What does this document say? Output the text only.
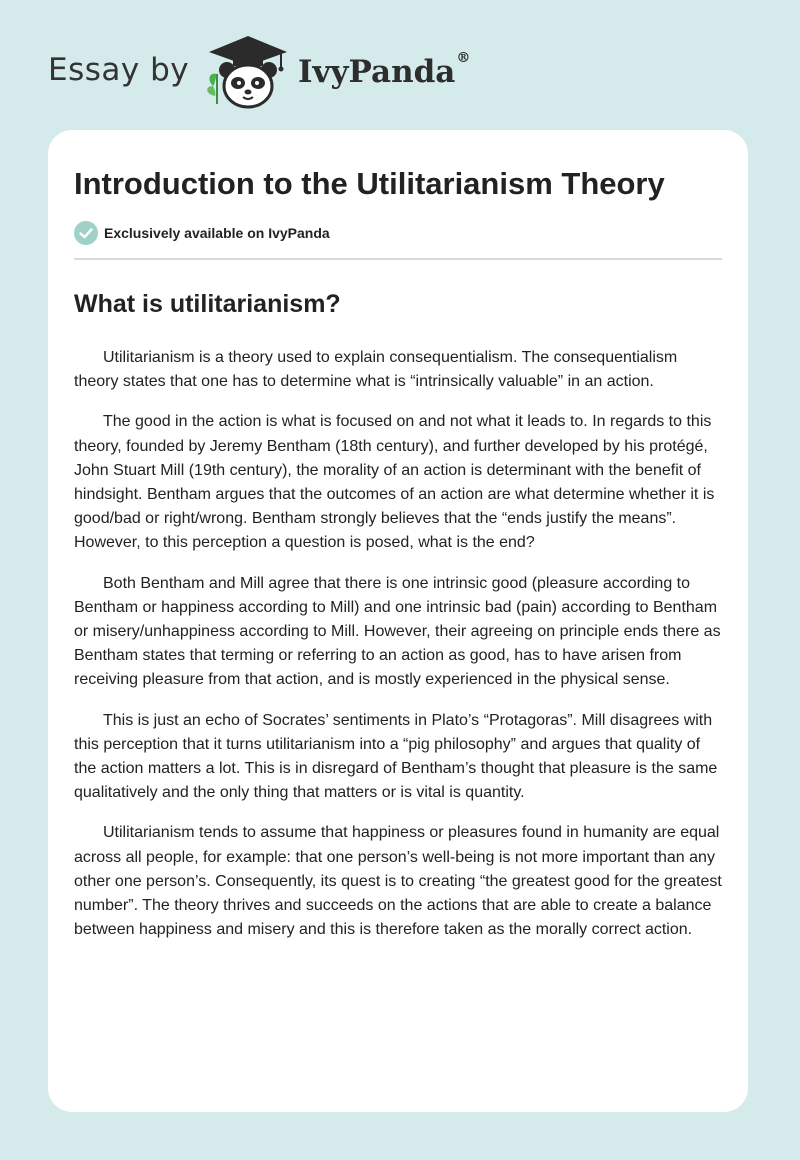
Essay by	IvyPanda®
Introduction to the Utilitarianism Theory
Exclusively available on IvyPanda
What is utilitarianism?

Utilitarianism is a theory used to explain consequentialism. The consequentialism theory states that one has to determine what is “intrinsically valuable” in an action.

The good in the action is what is focused on and not what it leads to. In regards to this theory, founded by Jeremy Bentham (18th century), and further developed by his protégé, John Stuart Mill (19th century), the morality of an action is determinant with the benefit of hindsight. Bentham argues that the outcomes of an action are what determine whether it is good/bad or right/wrong. Bentham strongly believes that the “ends justify the means”. However, to this perception a question is posed, what is the end?

Both Bentham and Mill agree that there is one intrinsic good (pleasure according to Bentham or happiness according to Mill) and one intrinsic bad (pain) according to Bentham or misery/unhappiness according to Mill. However, their agreeing on principle ends there as Bentham states that terming or referring to an action as good, has to have arisen from receiving pleasure from that action, and is mostly experienced in the physical sense.

This is just an echo of Socrates’ sentiments in Plato’s “Protagoras”. Mill disagrees with this perception that it turns utilitarianism into a “pig philosophy” and argues that quality of the action matters a lot. This is in disregard of Bentham’s thought that pleasure is the same qualitatively and the only thing that matters or is vital is quantity.

Utilitarianism tends to assume that happiness or pleasures found in humanity are equal across all people, for example: that one person’s well-being is not more important than any other one person’s. Consequently, its quest is to creating “the greatest good for the greatest number”. The theory thrives and succeeds on the actions that are able to create a balance between happiness and misery and this is therefore taken as the morally correct action.
